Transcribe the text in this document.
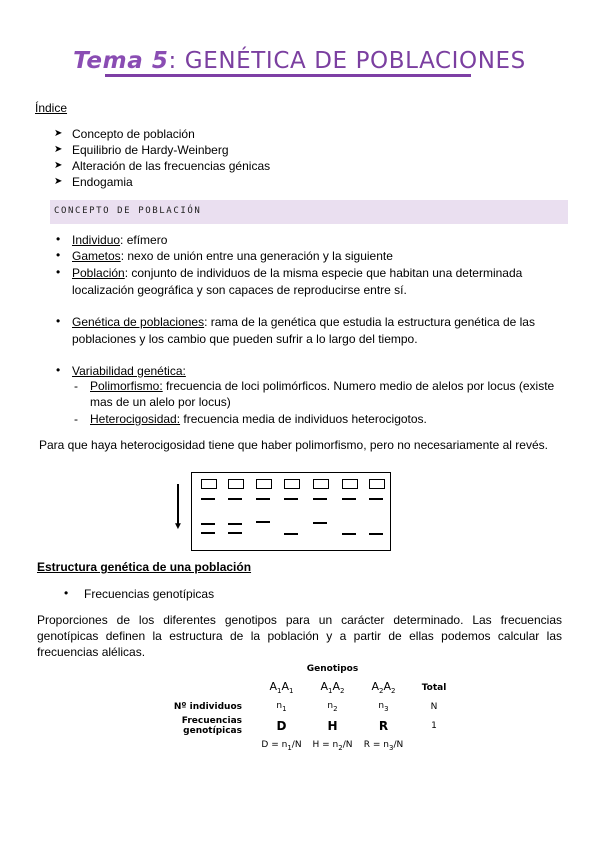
Tema 5: GENÉTICA DE POBLACIONES
Índice
➤ Concepto de población
➤ Equilibrio de Hardy-Weinberg
➤ Alteración de las frecuencias génicas
➤ Endogamia
CONCEPTO DE POBLACIÓN
• Individuo: efímero
• Gametos: nexo de unión entre una generación y la siguiente
• Población: conjunto de individuos de la misma especie que habitan una determinada
localización geográfica y son capaces de reproducirse entre sí.
• Genética de poblaciones: rama de la genética que estudia la estructura genética de las
poblaciones y los cambio que pueden sufrir a lo largo del tiempo.
• Variabilidad genética:
- Polimorfismo: frecuencia de loci polimórficos. Numero medio de alelos por locus (existe
mas de un alelo por locus)
- Heterocigosidad: frecuencia media de individuos heterocigotos.
Para que haya heterocigosidad tiene que haber polimorfismo, pero no necesariamente al revés.
▼
Estructura genética de una población
• Frecuencias genotípicas
Proporciones de los diferentes genotipos para un carácter determinado. Las frecuencias genotípicas definen la estructura de la población y a partir de ellas podemos calcular las frecuencias alélicas.
	Genotipos			
	$A_1A_1$	$A_1A_2$	$A_2A_2$	Total
Nº individuos	$n_1$	$n_2$	$n_3$	N
Frecuencias genotípicas	D	H	R	1
	$D = n_1/N$	$H = n_2/N$	$R = n_3/N$	
